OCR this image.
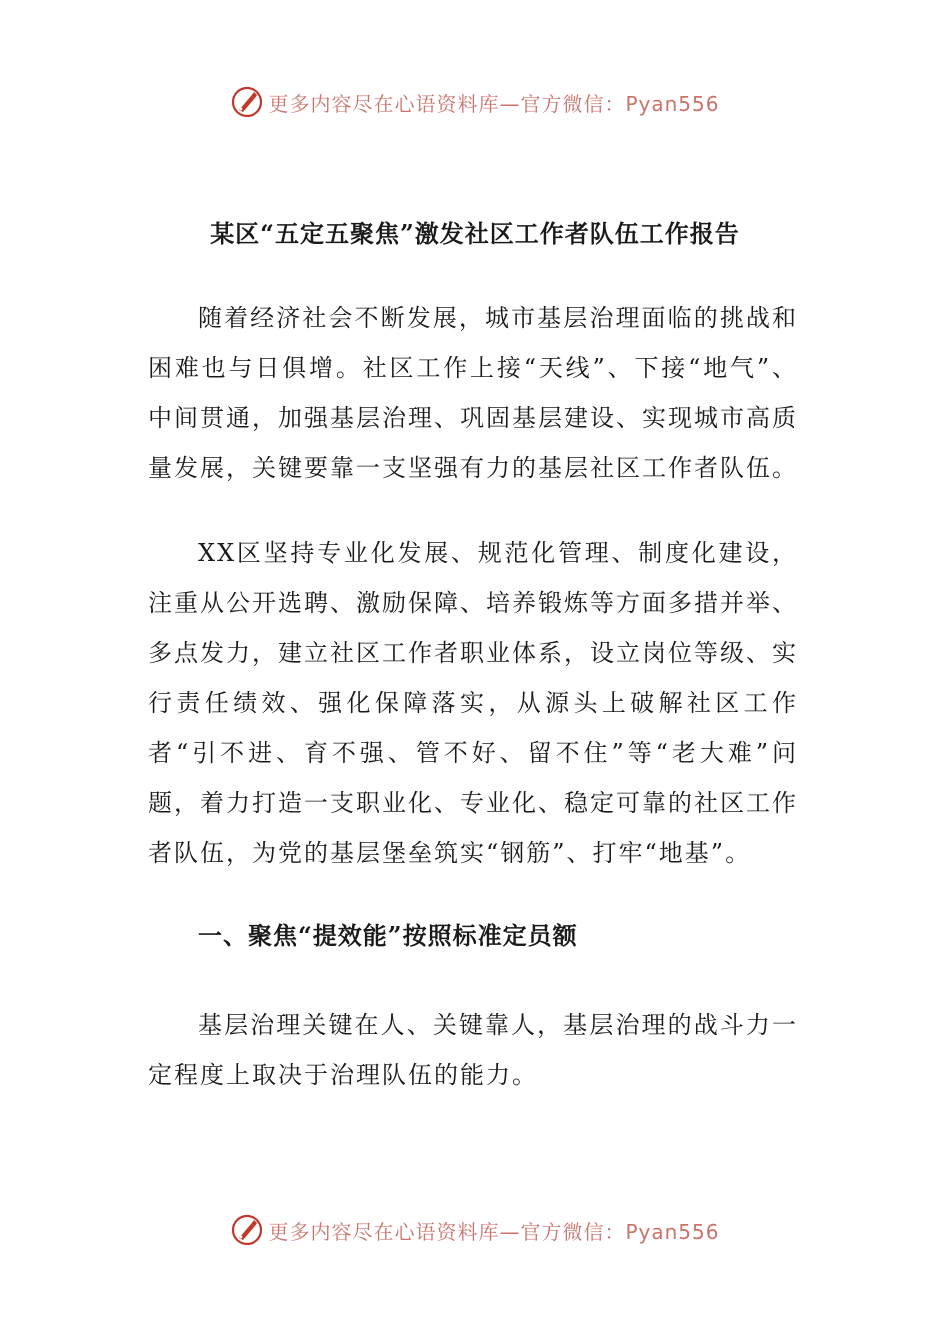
更多内容尽在心语资料库—官方微信：Pyan556
某区“五定五聚焦”激发社区工作者队伍工作报告

随着经济社会不断发展，城市基层治理面临的挑战和困难也与日俱增。社区工作上接“天线”、下接“地气”、中间贯通，加强基层治理、巩固基层建设、实现城市高质量发展，关键要靠一支坚强有力的基层社区工作者队伍。

XX区坚持专业化发展、规范化管理、制度化建设，注重从公开选聘、激励保障、培养锻炼等方面多措并举、多点发力，建立社区工作者职业体系，设立岗位等级、实行责任绩效、强化保障落实，从源头上破解社区工作者“引不进、育不强、管不好、留不住”等“老大难”问题，着力打造一支职业化、专业化、稳定可靠的社区工作者队伍，为党的基层堡垒筑实“钢筋”、打牢“地基”。

一、聚焦“提效能”按照标准定员额

基层治理关键在人、关键靠人，基层治理的战斗力一定程度上取决于治理队伍的能力。

更多内容尽在心语资料库—官方微信：Pyan556
